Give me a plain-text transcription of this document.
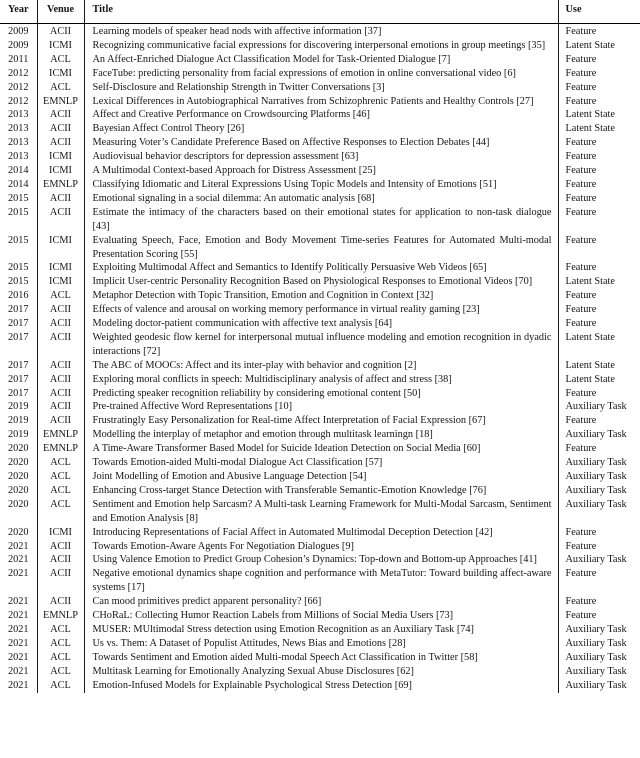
Year	Venue	Title	Use
2009	ACII	Learning models of speaker head nods with affective information [37]	Feature
2009	ICMI	Recognizing communicative facial expressions for discovering interpersonal emotions in group meetings [35]	Latent State
2011	ACL	An Affect-Enriched Dialogue Act Classification Model for Task-Oriented Dialogue [7]	Feature
2012	ICMI	FaceTube: predicting personality from facial expressions of emotion in online conversational video [6]	Feature
2012	ACL	Self-Disclosure and Relationship Strength in Twitter Conversations [3]	Feature
2012	EMNLP	Lexical Differences in Autobiographical Narratives from Schizophrenic Patients and Healthy Controls [27]	Feature
2013	ACII	Affect and Creative Performance on Crowdsourcing Platforms [46]	Latent State
2013	ACII	Bayesian Affect Control Theory [26]	Latent State
2013	ACII	Measuring Voter’s Candidate Preference Based on Affective Responses to Election Debates [44]	Feature
2013	ICMI	Audiovisual behavior descriptors for depression assessment [63]	Feature
2014	ICMI	A Multimodal Context-based Approach for Distress Assessment [25]	Feature
2014	EMNLP	Classifying Idiomatic and Literal Expressions Using Topic Models and Intensity of Emotions [51]	Feature
2015	ACII	Emotional signaling in a social dilemma: An automatic analysis [68]	Feature
2015	ACII	Estimate the intimacy of the characters based on their emotional states for application to non-task dialogue [43]	Feature
2015	ICMI	Evaluating Speech, Face, Emotion and Body Movement Time-series Features for Automated Multi-modal Presentation Scoring [55]	Feature
2015	ICMI	Exploiting Multimodal Affect and Semantics to Identify Politically Persuasive Web Videos [65]	Feature
2015	ICMI	Implicit User-centric Personality Recognition Based on Physiological Responses to Emotional Videos [70]	Latent State
2016	ACL	Metaphor Detection with Topic Transition, Emotion and Cognition in Context [32]	Feature
2017	ACII	Effects of valence and arousal on working memory performance in virtual reality gaming [23]	Feature
2017	ACII	Modeling doctor-patient communication with affective text analysis [64]	Feature
2017	ACII	Weighted geodesic flow kernel for interpersonal mutual influence modeling and emotion recognition in dyadic interactions [72]	Latent State
2017	ACII	The ABC of MOOCs: Affect and its inter-play with behavior and cognition [2]	Latent State
2017	ACII	Exploring moral conflicts in speech: Multidisciplinary analysis of affect and stress [38]	Latent State
2017	ACII	Predicting speaker recognition reliability by considering emotional content [50]	Feature
2019	ACII	Pre-trained Affective Word Representations [10]	Auxiliary Task
2019	ACII	Frustratingly Easy Personalization for Real-time Affect Interpretation of Facial Expression [67]	Feature
2019	EMNLP	Modelling the interplay of metaphor and emotion through multitask learningn [18]	Auxiliary Task
2020	EMNLP	A Time-Aware Transformer Based Model for Suicide Ideation Detection on Social Media [60]	Feature
2020	ACL	Towards Emotion-aided Multi-modal Dialogue Act Classification [57]	Auxiliary Task
2020	ACL	Joint Modelling of Emotion and Abusive Language Detection [54]	Auxiliary Task
2020	ACL	Enhancing Cross-target Stance Detection with Transferable Semantic-Emotion Knowledge [76]	Auxiliary Task
2020	ACL	Sentiment and Emotion help Sarcasm? A Multi-task Learning Framework for Multi-Modal Sarcasm, Sentiment and Emotion Analysis [8]	Auxiliary Task
2020	ICMI	Introducing Representations of Facial Affect in Automated Multimodal Deception Detection [42]	Feature
2021	ACII	Towards Emotion-Aware Agents For Negotiation Dialogues [9]	Feature
2021	ACII	Using Valence Emotion to Predict Group Cohesion’s Dynamics: Top-down and Bottom-up Approaches [41]	Auxiliary Task
2021	ACII	Negative emotional dynamics shape cognition and performance with MetaTutor: Toward building affect-aware systems [17]	Feature
2021	ACII	Can mood primitives predict apparent personality? [66]	Feature
2021	EMNLP	CHoRaL: Collecting Humor Reaction Labels from Millions of Social Media Users [73]	Feature
2021	ACL	MUSER: MUltimodal Stress detection using Emotion Recognition as an Auxiliary Task [74]	Auxiliary Task
2021	ACL	Us vs. Them: A Dataset of Populist Attitudes, News Bias and Emotions [28]	Auxiliary Task
2021	ACL	Towards Sentiment and Emotion aided Multi-modal Speech Act Classification in Twitter [58]	Auxiliary Task
2021	ACL	Multitask Learning for Emotionally Analyzing Sexual Abuse Disclosures [62]	Auxiliary Task
2021	ACL	Emotion-Infused Models for Explainable Psychological Stress Detection [69]	Auxiliary Task
